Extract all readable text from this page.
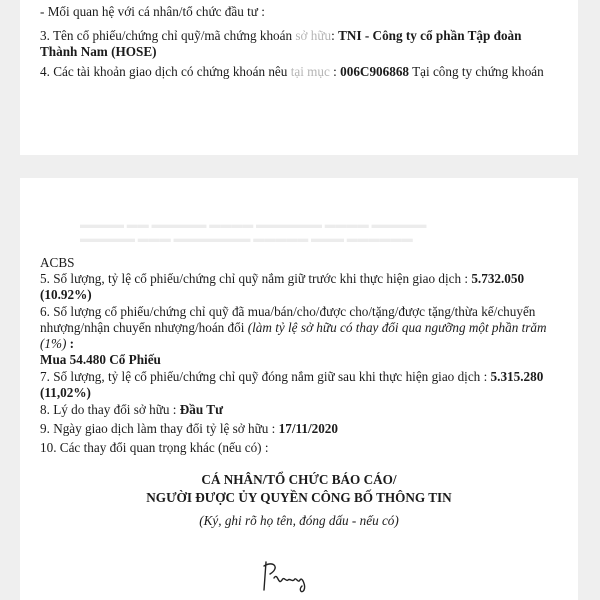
- Mối quan hệ với cá nhân/tổ chức đầu tư :
3. Tên cổ phiếu/chứng chỉ quỹ/mã chứng khoán sở hữu: TNI - Công ty cổ phần Tập đoàn
Thành Nam (HOSE)
4. Các tài khoản giao dịch có chứng khoán nêu tại mục : 006C906868 Tại công ty chứng khoán
▬▬▬▬ ▬▬ ▬▬▬▬▬ ▬▬▬▬ ▬▬▬▬▬▬ ▬▬▬▬ ▬▬▬▬▬
▬▬▬▬▬ ▬▬▬ ▬▬▬▬▬▬▬ ▬▬▬▬▬ ▬▬▬ ▬▬▬▬▬▬
ACBS
5. Số lượng, tỷ lệ cổ phiếu/chứng chỉ quỹ nắm giữ trước khi thực hiện giao dịch : 5.732.050
(10.92%)
6. Số lượng cổ phiếu/chứng chỉ quỹ đã mua/bán/cho/được cho/tặng/được tặng/thừa kế/chuyển
nhượng/nhận chuyển nhượng/hoán đổi (làm tỷ lệ sở hữu có thay đổi qua ngưỡng một phần trăm
(1%) :
Mua 54.480 Cổ Phiếu
7. Số lượng, tỷ lệ cổ phiếu/chứng chỉ quỹ đóng nắm giữ sau khi thực hiện giao dịch : 5.315.280
(11,02%)
8. Lý do thay đổi sở hữu : Đầu Tư
9. Ngày giao dịch làm thay đổi tỷ lệ sở hữu : 17/11/2020
10. Các thay đổi quan trọng khác (nếu có) :
CÁ NHÂN/TỔ CHỨC BÁO CÁO/
NGƯỜI ĐƯỢC ỦY QUYỀN CÔNG BỐ THÔNG TIN
(Ký, ghi rõ họ tên, đóng dấu - nếu có)
